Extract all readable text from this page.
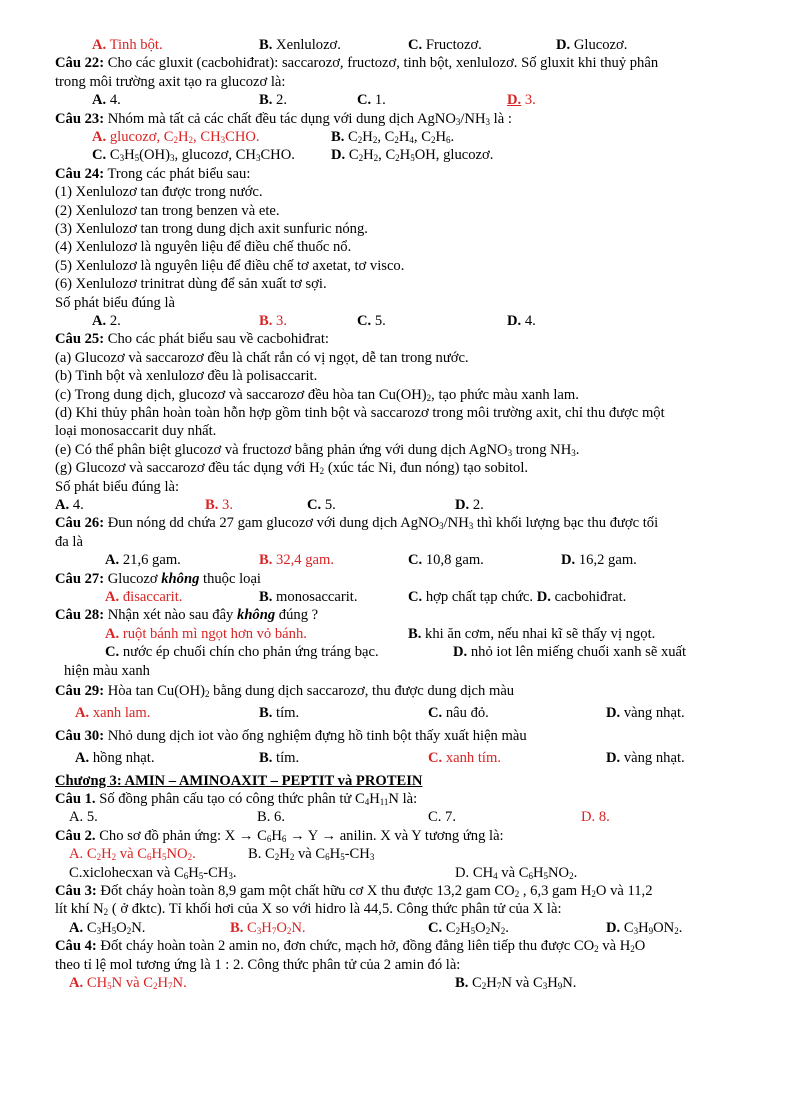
A. Tinh bột.	B. Xenlulozơ.	C. Fructozơ.	D. Glucozơ.
Câu 22: Cho các gluxit (cacbohiđrat): saccarozơ, fructozơ, tinh bột, xenlulozơ. Số gluxit khi thuỷ phân
trong môi trường axit tạo ra glucozơ là:
A. 4.	B. 2.	C. 1.	D. 3.
Câu 23: Nhóm mà tất cả các chất đều tác dụng với dung dịch $AgNO_3/NH_3$ là :
A. glucozơ, $C_2H_2$, $CH_3CHO$.	B. $C_2H_2$, $C_2H_4$, $C_2H_6$.
C. $C_3H_5(OH)_3$, glucozơ, $CH_3CHO$. D. $C_2H_2$, $C_2H_5OH$, glucozơ.
Câu 24: Trong các phát biểu sau:
(1) Xenlulozơ tan được trong nước.
(2) Xenlulozơ tan trong benzen và ete.
(3) Xenlulozơ tan trong dung dịch axit sunfuric nóng.
(4) Xenlulozơ là nguyên liệu để điều chế thuốc nổ.
(5) Xenlulozơ là nguyên liệu để điều chế tơ axetat, tơ visco.
(6) Xenlulozơ trinitrat dùng để sản xuất tơ sợi.
Số phát biểu đúng là
A. 2.	B. 3.	C. 5.	D. 4.
Câu 25: Cho các phát biểu sau về cacbohiđrat:
(a) Glucozơ và saccarozơ đều là chất rắn có vị ngọt, dễ tan trong nước.
(b) Tinh bột và xenlulozơ đều là polisaccarit.
(c) Trong dung dịch, glucozơ và saccarozơ đều hòa $\tan Cu(OH)_2$, tạo phức màu xanh lam.
(d) Khi thủy phân hoàn toàn hỗn hợp gồm tinh bột và saccarozơ trong môi trường axit, chỉ thu được một
loại monosaccarit duy nhất.
(e) Có thể phân biệt glucozơ và fructozơ bằng phản ứng với dung dịch AgNO$_3$ trong $NH_3$.
(g) Glucozơ và saccarozơ đều tác dụng với $H_2$ (xúc tác Ni, đun nóng) tạo sobitol.
Số phát biểu đúng là:
A. 4.	B. 3.	C. 5.	D. 2.
Câu 26: Đun nóng dd chứa 27 gam glucozơ với dung dịch $AgNO_3/NH_3$ thì khối lượng bạc thu được tối
đa là
A. 21,6 gam.	B. 32,4 gam.	C. 10,8 gam.	D. 16,2 gam.
Câu 27: Glucozơ không thuộc loại
A. đisaccarit.	B. monosaccarit.	C. hợp chất tạp chức. D. cacbohiđrat.
Câu 28: Nhận xét nào sau đây không đúng ?
A. ruột bánh mì ngọt hơn vỏ bánh.	B. khi ăn cơm, nếu nhai kĩ sẽ thấy vị ngọt.
C. nước ép chuối chín cho phản ứng tráng bạc.	D. nhỏ iot lên miếng chuối xanh sẽ xuất
hiện màu xanh
Câu 29: Hòa $\tan Cu(OH)_2$ bằng dung dịch saccarozơ, thu được dung dịch màu
A. xanh lam.	B. tím.	C. nâu đỏ.	D. vàng nhạt.
Câu 30: Nhỏ dung dịch iot vào ống nghiệm đựng hồ tinh bột thấy xuất hiện màu
A. hồng nhạt.	B. tím.	C. xanh tím.	D. vàng nhạt.
Chương 3: AMIN – AMINOAXIT – PEPTIT và PROTEIN
Câu 1. Số đồng phân cấu tạo có công thức phân tử $C_4H_{11}N$ là:
A. 5.	B. 6.	C. 7.	D. 8.
Câu 2. Cho sơ đồ phản ứng: $X \to C_6H_6 \to Y$ → anilin. X và Y tương ứng là:
A. $C_2H_2$ và $C_6H_5NO_2$.	B. $C_2H_2$ và $C_6H_5-CH_3$
C.xiclohecxan và $C_6H_5-CH_3$.	D. $CH_4$ và $C_6H_5NO_2$.
Câu 3: Đốt cháy hoàn toàn 8,9 gam một chất hữu cơ X thu được 13,2 gam $CO_2$ , 6,3 gam $H_2O$ và 11,2
lít khí $N_2$ ( ở đktc). Tỉ khối hơi của X so với hidro là 44,5. Công thức phân tử của X là:
A. $C_3H_5O_2N$.	B. $C_3H_7O_2N$.	C. $C_2H_5O_2N_2$.	D. $C_3H_9ON_2$.
Câu 4: Đốt cháy hoàn toàn 2 amin no, đơn chức, mạch hở, đồng đẳng liên tiếp thu được $CO_2$ và $H_2O$
theo tỉ lệ mol tương ứng là 1 : 2. Công thức phân tử của 2 amin đó là:
A. $CH_5N$ và $C_2H_7N$.	B. $C_2H_7N$ và $C_3H_9N$.
